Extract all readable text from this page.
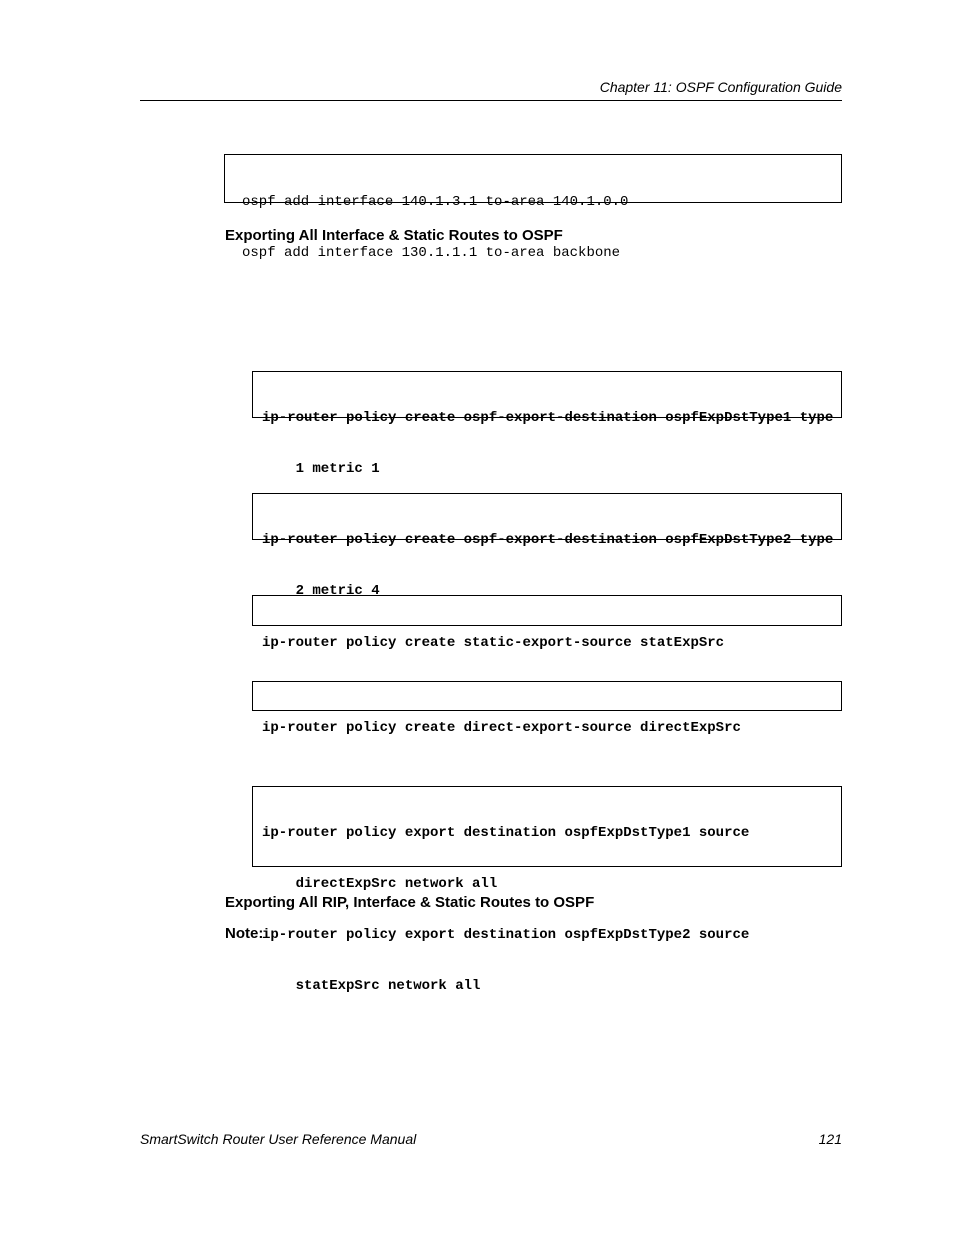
Chapter 11: OSPF Configuration Guide

ospf add interface 140.1.3.1 to-area 140.1.0.0

ospf add interface 130.1.1.1 to-area backbone

Exporting All Interface & Static Routes to OSPF

ip-router policy create ospf-export-destination ospfExpDstType1 type

1 metric 1

ip-router policy create ospf-export-destination ospfExpDstType2 type

2 metric 4

ip-router policy create static-export-source statExpSrc

ip-router policy create direct-export-source directExpSrc

ip-router policy export destination ospfExpDstType1 source

directExpSrc network all

ip-router policy export destination ospfExpDstType2 source

statExpSrc network all

Exporting All RIP, Interface & Static Routes to OSPF
Note:
SmartSwitch Router User Reference Manual	121
